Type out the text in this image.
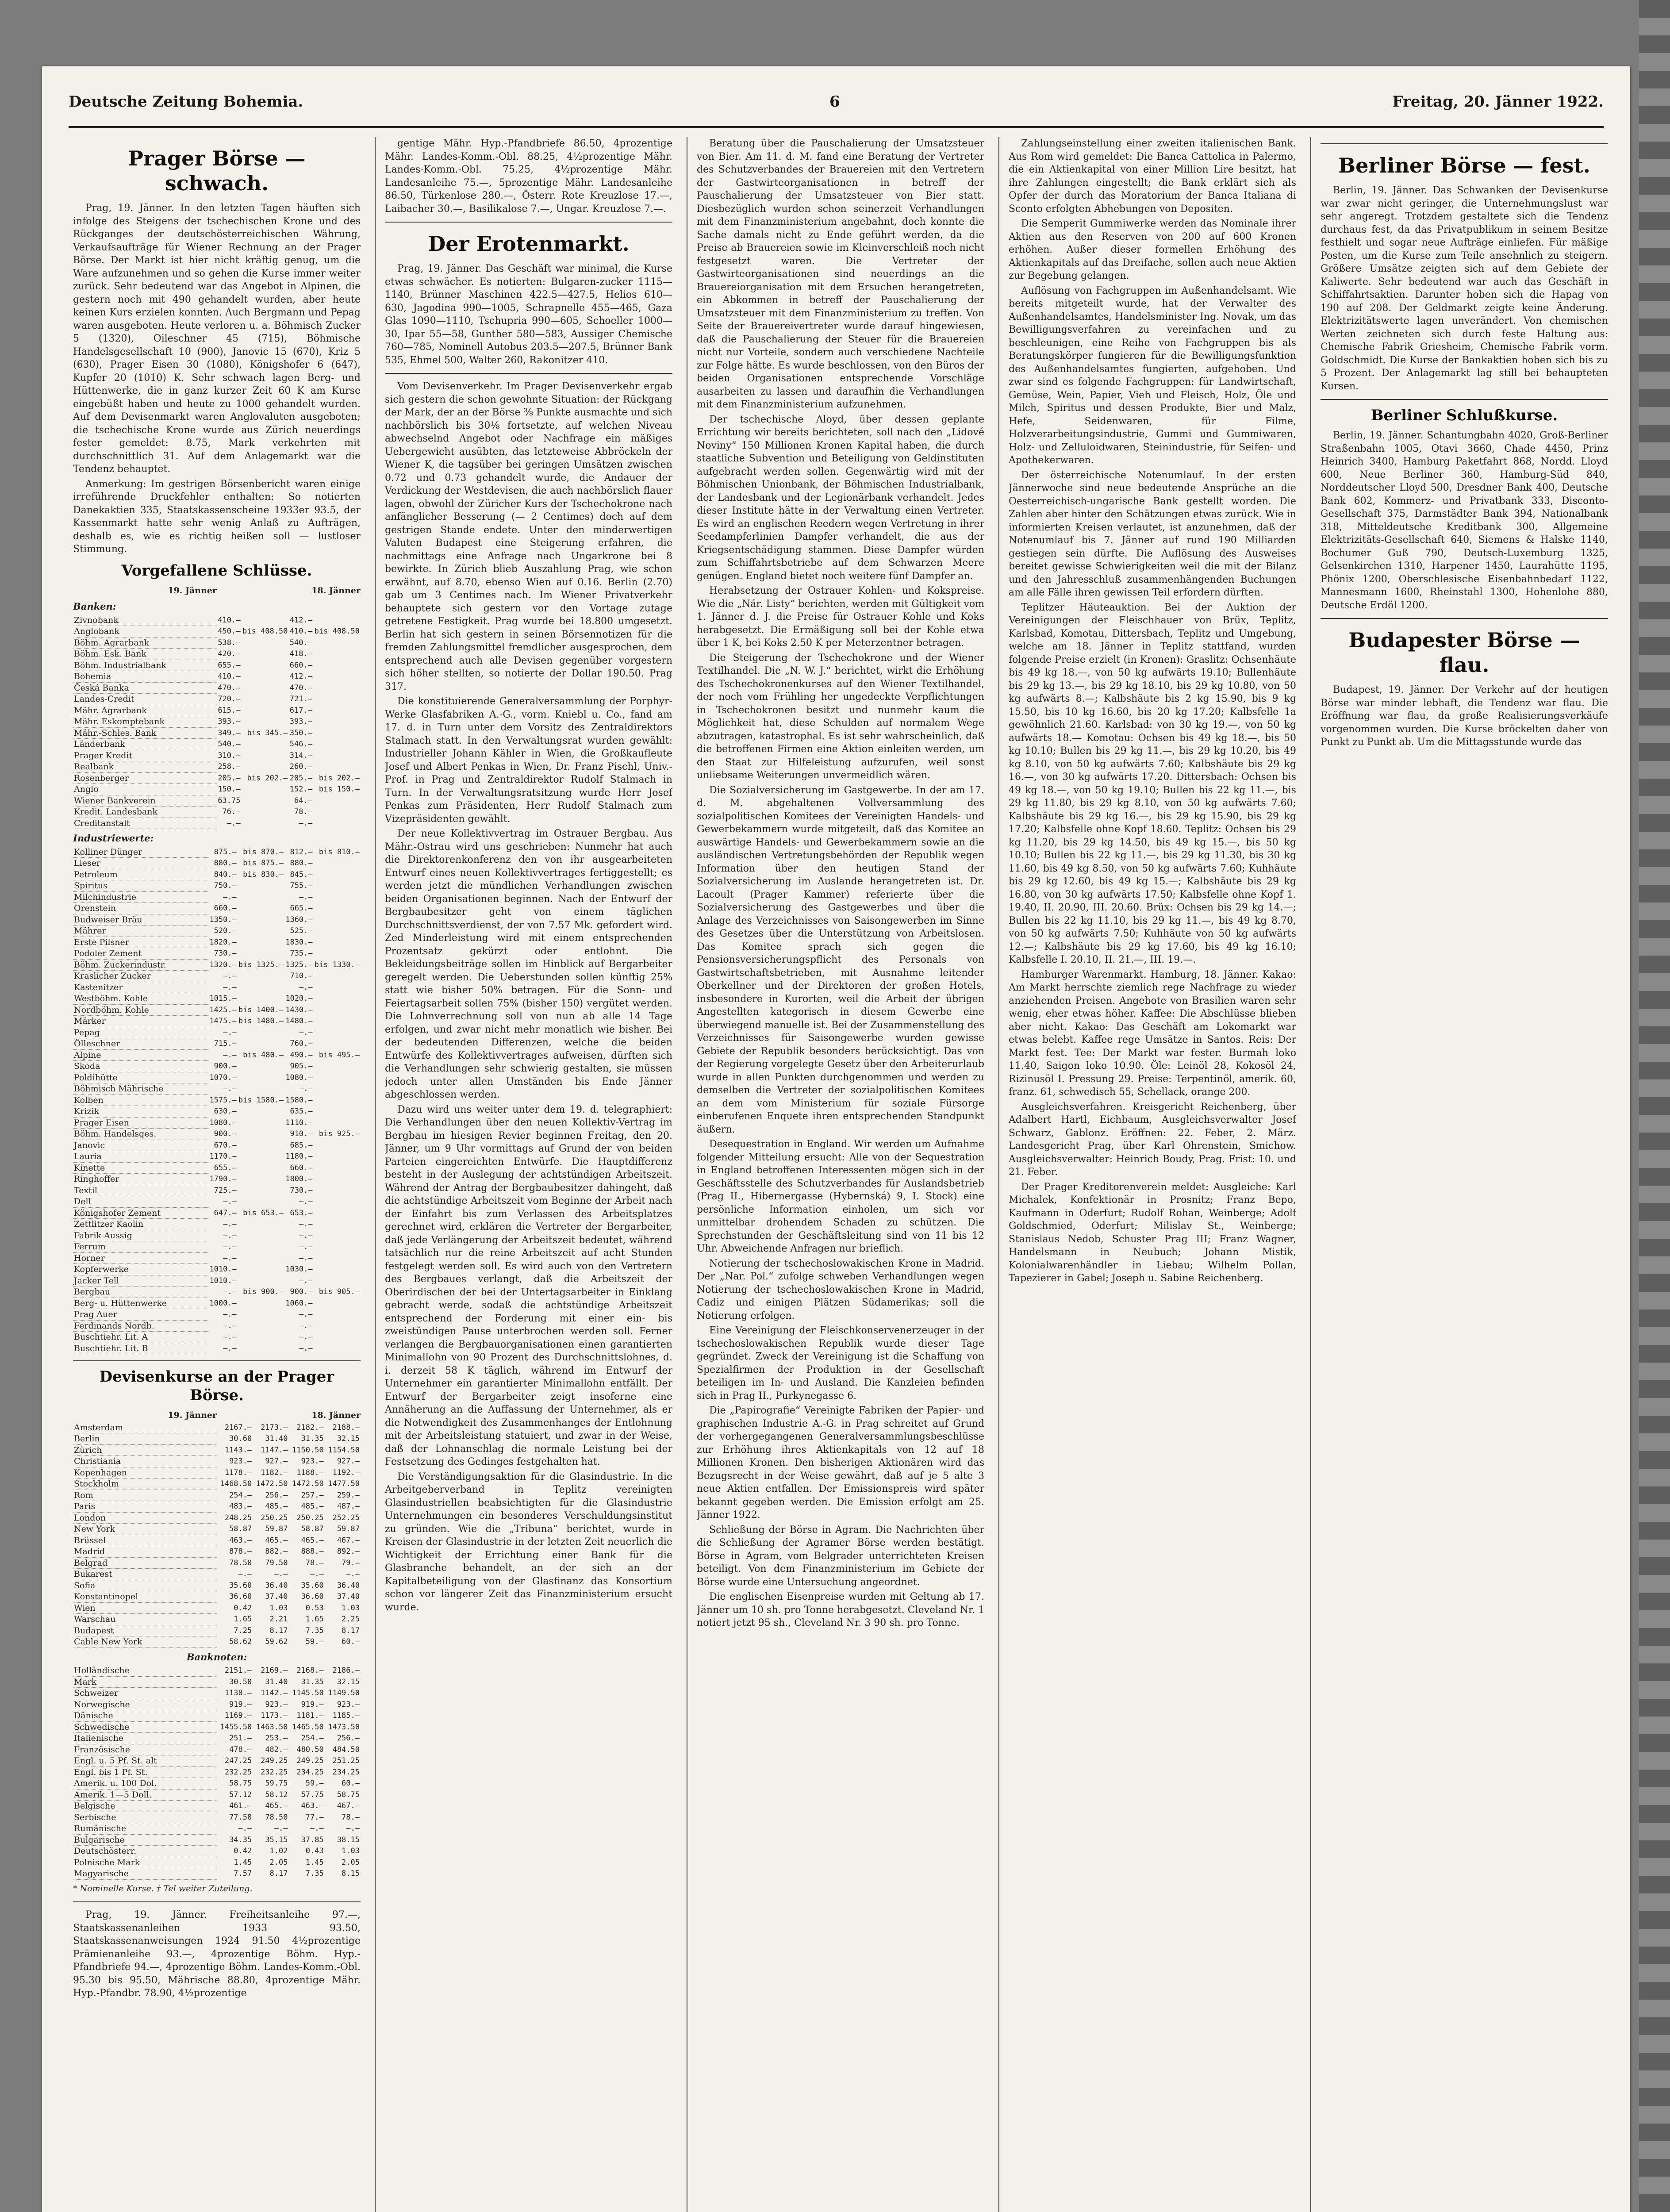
Deutsche Zeitung Bohemia.	6	Freitag, 20. Jänner 1922.
Prager Börse — schwach.

Prag, 19. Jänner. In den letzten Tagen häuften sich infolge des Steigens der tschechischen Krone und des Rückganges der deutschösterreichischen Währung, Verkaufsaufträge für Wiener Rechnung an der Prager Börse. Der Markt ist hier nicht kräftig genug, um die Ware aufzunehmen und so gehen die Kurse immer weiter zurück. Sehr bedeutend war das Angebot in Alpinen, die gestern noch mit 490 gehandelt wurden, aber heute keinen Kurs erzielen konnten. Auch Bergmann und Pepag waren ausgeboten. Heute verloren u. a. Böhmisch Zucker 5 (1320), Oileschner 45 (715), Böhmische Handelsgesellschaft 10 (900), Janovic 15 (670), Kriz 5 (630), Prager Eisen 30 (1080), Königshofer 6 (647), Kupfer 20 (1010) K. Sehr schwach lagen Berg- und Hüttenwerke, die in ganz kurzer Zeit 60 K am Kurse eingebüßt haben und heute zu 1000 gehandelt wurden. Auf dem Devisenmarkt waren Anglovaluten ausgeboten; die tschechische Krone wurde aus Zürich neuerdings fester gemeldet: 8.75, Mark verkehrten mit durchschnittlich 31. Auf dem Anlagemarkt war die Tendenz behauptet.

Anmerkung: Im gestrigen Börsenbericht waren einige irreführende Druckfehler enthalten: So notierten Danekaktien 335, Staatskassenscheine 1933er 93.5, der Kassenmarkt hatte sehr wenig Anlaß zu Aufträgen, deshalb es, wie es richtig heißen soll — lustloser Stimmung.

Vorgefallene Schlüsse.
19. Jänner	18. Jänner
Banken:
Zivnobank	410.—		412.—	
Anglobank	450.—	bis 408.50	410.—	bis 408.50
Böhm. Agrarbank	538.—		540.—	
Böhm. Esk. Bank	420.—		418.—	
Böhm. Industrialbank	655.—		660.—	
Bohemia	410.—		412.—	
Česká Banka	470.—		470.—	
Landes-Credit	720.—		721.—	
Mähr. Agrarbank	615.—		617.—	
Mähr. Eskomptebank	393.—		393.—	
Mähr.-Schles. Bank	349.—	bis 345.—	350.—	
Länderbank	540.—		546.—	
Prager Kredit	310.—		314.—	
Realbank	258.—		260.—	
Rosenberger	205.—	bis 202.—	205.—	bis 202.—
Anglo	150.—		152.—	bis 150.—
Wiener Bankverein	63.75		64.—	
Kredit. Landesbank	76.—		78.—	
Creditanstalt	—.—		—.—	
Industriewerte:
Kolliner Dünger	875.—	bis 870.—	812.—	bis 810.—
Lieser	880.—	bis 875.—	880.—	
Petroleum	840.—	bis 830.—	845.—	
Spiritus	750.—		755.—	
Milchindustrie	—.—		—.—	
Orenstein	660.—		665.—	
Budweiser Bräu	1350.—		1360.—	
Mährer	520.—		525.—	
Erste Pilsner	1820.—		1830.—	
Podoler Zement	730.—		735.—	
Böhm. Zuckerindustr.	1320.—	bis 1325.—	1325.—	bis 1330.—
Kraslicher Zucker	—.—		710.—	
Kastenitzer	—.—		—.—	
Westböhm. Kohle	1015.—		1020.—	
Nordböhm. Kohle	1425.—	bis 1400.—	1430.—	
Märker	1475.—	bis 1480.—	1480.—	
Pepag	—.—		—.—	
Ölleschner	715.—		760.—	
Alpine	—.—	bis 480.—	490.—	bis 495.—
Skoda	900.—		905.—	
Poldihütte	1070.—		1080.—	
Böhmisch Mährische	—.—		—.—	
Kolben	1575.—	bis 1580.—	1580.—	
Krizik	630.—		635.—	
Prager Eisen	1080.—		1110.—	
Böhm. Handelsges.	900.—		910.—	bis 925.—
Janovic	670.—		685.—	
Lauria	1170.—		1180.—	
Kinette	655.—		660.—	
Ringhoffer	1790.—		1800.—	
Textil	725.—		730.—	
Dell	—.—		—.—	
Königshofer Zement	647.—	bis 653.—	653.—	
Zettlitzer Kaolin	—.—		—.—	
Fabrik Aussig	—.—		—.—	
Ferrum	—.—		—.—	
Horner	—.—		—.—	
Kopferwerke	1010.—		1030.—	
Jacker Tell	1010.—		—.—	
Bergbau	—.—	bis 900.—	900.—	bis 905.—
Berg- u. Hüttenwerke	1000.—		1060.—	
Prag Auer	—.—		—.—	
Ferdinands Nordb.	—.—		—.—	
Buschtiehr. Lit. A	—.—		—.—	
Buschtiehr. Lit. B	—.—		—.—	
Devisenkurse an der Prager Börse.
19. Jänner	18. Jänner
Amsterdam	2167.—	2173.—	2182.—	2188.—
Berlin	30.60	31.40	31.35	32.15
Zürich	1143.—	1147.—	1150.50	1154.50
Christiania	923.—	927.—	923.—	927.—
Kopenhagen	1178.—	1182.—	1188.—	1192.—
Stockholm	1468.50	1472.50	1472.50	1477.50
Rom	254.—	256.—	257.—	259.—
Paris	483.—	485.—	485.—	487.—
London	248.25	250.25	250.25	252.25
New York	58.87	59.87	58.87	59.87
Brüssel	463.—	465.—	465.—	467.—
Madrid	878.—	882.—	888.—	892.—
Belgrad	78.50	79.50	78.—	79.—
Bukarest	—.—	—.—	—.—	—.—
Sofia	35.60	36.40	35.60	36.40
Konstantinopel	36.60	37.40	36.60	37.40
Wien	0.42	1.03	0.53	1.03
Warschau	1.65	2.21	1.65	2.25
Budapest	7.25	8.17	7.35	8.17
Cable New York	58.62	59.62	59.—	60.—
Banknoten:
Holländische	2151.—	2169.—	2168.—	2186.—
Mark	30.50	31.40	31.35	32.15
Schweizer	1138.—	1142.—	1145.50	1149.50
Norwegische	919.—	923.—	919.—	923.—
Dänische	1169.—	1173.—	1181.—	1185.—
Schwedische	1455.50	1463.50	1465.50	1473.50
Italienische	251.—	253.—	254.—	256.—
Französische	478.—	482.—	480.50	484.50
Engl. u. 5 Pf. St. alt	247.25	249.25	249.25	251.25
Engl. bis 1 Pf. St.	232.25	232.25	234.25	234.25
Amerik. u. 100 Dol.	58.75	59.75	59.—	60.—
Amerik. 1—5 Doll.	57.12	58.12	57.75	58.75
Belgische	461.—	465.—	463.—	467.—
Serbische	77.50	78.50	77.—	78.—
Rumänische	—.—	—.—	—.—	—.—
Bulgarische	34.35	35.15	37.85	38.15
Deutschösterr.	0.42	1.02	0.43	1.03
Polnische Mark	1.45	2.05	1.45	2.05
Magyarische	7.57	8.17	7.35	8.15
* Nominelle Kurse. † Tel weiter Zuteilung.

Prag, 19. Jänner. Freiheitsanleihe 97.—, Staatskassenanleihen 1933 93.50, Staatskassenanweisungen 1924 91.50 4½prozentige Prämienanleihe 93.—, 4prozentige Böhm. Hyp.-Pfandbriefe 94.—, 4prozentige Böhm. Landes-Komm.-Obl. 95.30 bis 95.50, Mährische 88.80, 4prozentige Mähr. Hyp.-Pfandbr. 78.90, 4½prozentige

gentige Mähr. Hyp.-Pfandbriefe 86.50, 4prozentige Mähr. Landes-Komm.-Obl. 88.25, 4½prozentige Mähr. Landes-Komm.-Obl. 75.25, 4½prozentige Mähr. Landesanleihe 75.—, 5prozentige Mähr. Landesanleihe 86.50, Türkenlose 280.—, Österr. Rote Kreuzlose 17.—, Laibacher 30.—, Basilikalose 7.—, Ungar. Kreuzlose 7.—.

Der Erotenmarkt.

Prag, 19. Jänner. Das Geschäft war minimal, die Kurse etwas schwächer. Es notierten: Bulgaren-zucker 1115—1140, Brünner Maschinen 422.5—427.5, Helios 610—630, Jagodina 990—1005, Schrapnelle 455—465, Gaza Glas 1090—1110, Tschupria 990—605, Schoeller 1000—30, Ipar 55—58, Gunther 580—583, Aussiger Chemische 760—785, Nominell Autobus 203.5—207.5, Brünner Bank 535, Ehmel 500, Walter 260, Rakonitzer 410.

Vom Devisenverkehr. Im Prager Devisenverkehr ergab sich gestern die schon gewohnte Situation: der Rückgang der Mark, der an der Börse ⅜ Punkte ausmachte und sich nachbörslich bis 30⅛ fortsetzte, auf welchen Niveau abwechselnd Angebot oder Nachfrage ein mäßiges Uebergewicht ausübten, das letzteweise Abbröckeln der Wiener K, die tagsüber bei geringen Umsätzen zwischen 0.72 und 0.73 gehandelt wurde, die Andauer der Verdickung der Westdevisen, die auch nachbörslich flauer lagen, obwohl der Züricher Kurs der Tschechokrone nach anfänglicher Besserung (— 2 Centimes) doch auf dem gestrigen Stande endete. Unter den minderwertigen Valuten Budapest eine Steigerung erfahren, die nachmittags eine Anfrage nach Ungarkrone bei 8 bewirkte. In Zürich blieb Auszahlung Prag, wie schon erwähnt, auf 8.70, ebenso Wien auf 0.16. Berlin (2.70) gab um 3 Centimes nach. Im Wiener Privatverkehr behauptete sich gestern vor den Vortage zutage getretene Festigkeit. Prag wurde bei 18.800 umgesetzt. Berlin hat sich gestern in seinen Börsennotizen für die fremden Zahlungsmittel fremdlicher ausgesprochen, dem entsprechend auch alle Devisen gegenüber vorgestern sich höher stellten, so notierte der Dollar 190.50. Prag 317.

Die konstituierende Generalversammlung der Porphyr-Werke Glasfabriken A.-G., vorm. Kniebl u. Co., fand am 17. d. in Turn unter dem Vorsitz des Zentraldirektors Stalmach statt. In den Verwaltungsrat wurden gewählt: Industrieller Johann Kähler in Wien, die Großkaufleute Josef und Albert Penkas in Wien, Dr. Franz Pischl, Univ.-Prof. in Prag und Zentraldirektor Rudolf Stalmach in Turn. In der Verwaltungsratsitzung wurde Herr Josef Penkas zum Präsidenten, Herr Rudolf Stalmach zum Vizepräsidenten gewählt.

Der neue Kollektivvertrag im Ostrauer Bergbau. Aus Mähr.-Ostrau wird uns geschrieben: Nunmehr hat auch die Direktorenkonferenz den von ihr ausgearbeiteten Entwurf eines neuen Kollektivvertrages fertiggestellt; es werden jetzt die mündlichen Verhandlungen zwischen beiden Organisationen beginnen. Nach der Entwurf der Bergbaubesitzer geht von einem täglichen Durchschnittsverdienst, der von 7.57 Mk. gefordert wird. Zed Minderleistung wird mit einem entsprechenden Prozentsatz gekürzt oder entlohnt. Die Bekleidungsbeiträge sollen im Hinblick auf Bergarbeiter geregelt werden. Die Ueberstunden sollen künftig 25% statt wie bisher 50% betragen. Für die Sonn- und Feiertagsarbeit sollen 75% (bisher 150) vergütet werden. Die Lohnverrechnung soll von nun ab alle 14 Tage erfolgen, und zwar nicht mehr monatlich wie bisher. Bei der bedeutenden Differenzen, welche die beiden Entwürfe des Kollektivvertrages aufweisen, dürften sich die Verhandlungen sehr schwierig gestalten, sie müssen jedoch unter allen Umständen bis Ende Jänner abgeschlossen werden.

Dazu wird uns weiter unter dem 19. d. telegraphiert: Die Verhandlungen über den neuen Kollektiv-Vertrag im Bergbau im hiesigen Revier beginnen Freitag, den 20. Jänner, um 9 Uhr vormittags auf Grund der von beiden Parteien eingereichten Entwürfe. Die Hauptdifferenz besteht in der Auslegung der achtstündigen Arbeitszeit. Während der Antrag der Bergbaubesitzer dahingeht, daß die achtstündige Arbeitszeit vom Beginne der Arbeit nach der Einfahrt bis zum Verlassen des Arbeitsplatzes gerechnet wird, erklären die Vertreter der Bergarbeiter, daß jede Verlängerung der Arbeitszeit bedeutet, während tatsächlich nur die reine Arbeitszeit auf acht Stunden festgelegt werden soll. Es wird auch von den Vertretern des Bergbaues verlangt, daß die Arbeitszeit der Oberirdischen der bei der Untertagsarbeiter in Einklang gebracht werde, sodaß die achtstündige Arbeitszeit entsprechend der Forderung mit einer ein- bis zweistündigen Pause unterbrochen werden soll. Ferner verlangen die Bergbauorganisationen einen garantierten Minimallohn von 90 Prozent des Durchschnittslohnes, d. i. derzeit 58 K täglich, während im Entwurf der Unternehmer ein garantierter Minimallohn entfällt. Der Entwurf der Bergarbeiter zeigt insoferne eine Annäherung an die Auffassung der Unternehmer, als er die Notwendigkeit des Zusammenhanges der Entlohnung mit der Arbeitsleistung statuiert, und zwar in der Weise, daß der Lohnanschlag die normale Leistung bei der Festsetzung des Gedinges festgehalten hat.

Die Verständigungsaktion für die Glasindustrie. In die Arbeitgeberverband in Teplitz vereinigten Glasindustriellen beabsichtigten für die Glasindustrie Unternehmungen ein besonderes Verschuldungsinstitut zu gründen. Wie die „Tribuna“ berichtet, wurde in Kreisen der Glasindustrie in der letzten Zeit neuerlich die Wichtigkeit der Errichtung einer Bank für die Glasbranche behandelt, an der sich an der Kapitalbeteiligung von der Glasfinanz das Konsortium schon vor längerer Zeit das Finanzministerium ersucht wurde.

Beratung über die Pauschalierung der Umsatzsteuer von Bier. Am 11. d. M. fand eine Beratung der Vertreter des Schutzverbandes der Brauereien mit den Vertretern der Gastwirteorganisationen in betreff der Pauschalierung der Umsatzsteuer von Bier statt. Diesbezüglich wurden schon seinerzeit Verhandlungen mit dem Finanzministerium angebahnt, doch konnte die Sache damals nicht zu Ende geführt werden, da die Preise ab Brauereien sowie im Kleinverschleiß noch nicht festgesetzt waren. Die Vertreter der Gastwirteorganisationen sind neuerdings an die Brauereiorganisation mit dem Ersuchen herangetreten, ein Abkommen in betreff der Pauschalierung der Umsatzsteuer mit dem Finanzministerium zu treffen. Von Seite der Brauereivertreter wurde darauf hingewiesen, daß die Pauschalierung der Steuer für die Brauereien nicht nur Vorteile, sondern auch verschiedene Nachteile zur Folge hätte. Es wurde beschlossen, von den Büros der beiden Organisationen entsprechende Vorschläge ausarbeiten zu lassen und daraufhin die Verhandlungen mit dem Finanzministerium aufzunehmen.

Der tschechische Aloyd, über dessen geplante Errichtung wir bereits berichteten, soll nach den „Lidové Noviny“ 150 Millionen Kronen Kapital haben, die durch staatliche Subvention und Beteiligung von Geldinstituten aufgebracht werden sollen. Gegenwärtig wird mit der Böhmischen Unionbank, der Böhmischen Industrialbank, der Landesbank und der Legionärbank verhandelt. Jedes dieser Institute hätte in der Verwaltung einen Vertreter. Es wird an englischen Reedern wegen Vertretung in ihrer Seedampferlinien Dampfer verhandelt, die aus der Kriegsentschädigung stammen. Diese Dampfer würden zum Schiffahrtsbetriebe auf dem Schwarzen Meere genügen. England bietet noch weitere fünf Dampfer an.

Herabsetzung der Ostrauer Kohlen- und Kokspreise. Wie die „Nár. Listy“ berichten, werden mit Gültigkeit vom 1. Jänner d. J. die Preise für Ostrauer Kohle und Koks herabgesetzt. Die Ermäßigung soll bei der Kohle etwa über 1 K, bei Koks 2.50 K per Meterzentner betragen.

Die Steigerung der Tschechokrone und der Wiener Textilhandel. Die „N. W. J.“ berichtet, wirkt die Erhöhung des Tschechokronenkurses auf den Wiener Textilhandel, der noch vom Frühling her ungedeckte Verpflichtungen in Tschechokronen besitzt und nunmehr kaum die Möglichkeit hat, diese Schulden auf normalem Wege abzutragen, katastrophal. Es ist sehr wahrscheinlich, daß die betroffenen Firmen eine Aktion einleiten werden, um den Staat zur Hilfeleistung aufzurufen, weil sonst unliebsame Weiterungen unvermeidlich wären.

Die Sozialversicherung im Gastgewerbe. In der am 17. d. M. abgehaltenen Vollversammlung des sozialpolitischen Komitees der Vereinigten Handels- und Gewerbekammern wurde mitgeteilt, daß das Komitee an auswärtige Handels- und Gewerbekammern sowie an die ausländischen Vertretungsbehörden der Republik wegen Information über den heutigen Stand der Sozialversicherung im Auslande herangetreten ist. Dr. Lacoult (Prager Kammer) referierte über die Sozialversicherung des Gastgewerbes und über die Anlage des Verzeichnisses von Saisongewerben im Sinne des Gesetzes über die Unterstützung von Arbeitslosen. Das Komitee sprach sich gegen die Pensionsversicherungspflicht des Personals von Gastwirtschaftsbetrieben, mit Ausnahme leitender Oberkellner und der Direktoren der großen Hotels, insbesondere in Kurorten, weil die Arbeit der übrigen Angestellten kategorisch in diesem Gewerbe eine überwiegend manuelle ist. Bei der Zusammenstellung des Verzeichnisses für Saisongewerbe wurden gewisse Gebiete der Republik besonders berücksichtigt. Das von der Regierung vorgelegte Gesetz über den Arbeiterurlaub wurde in allen Punkten durchgenommen und werden zu demselben die Vertreter der sozialpolitischen Komitees an dem vom Ministerium für soziale Fürsorge einberufenen Enquete ihren entsprechenden Standpunkt äußern.

Desequestration in England. Wir werden um Aufnahme folgender Mitteilung ersucht: Alle von der Sequestration in England betroffenen Interessenten mögen sich in der Geschäftsstelle des Schutzverbandes für Auslandsbetrieb (Prag II., Hibernergasse (Hybernská) 9, I. Stock) eine persönliche Information einholen, um sich vor unmittelbar drohendem Schaden zu schützen. Die Sprechstunden der Geschäftsleitung sind von 11 bis 12 Uhr. Abweichende Anfragen nur brieflich.

Notierung der tschechoslowakischen Krone in Madrid. Der „Nar. Pol.“ zufolge schweben Verhandlungen wegen Notierung der tschechoslowakischen Krone in Madrid, Cadiz und einigen Plätzen Südamerikas; soll die Notierung erfolgen.

Eine Vereinigung der Fleischkonservenerzeuger in der tschechoslowakischen Republik wurde dieser Tage gegründet. Zweck der Vereinigung ist die Schaffung von Spezialfirmen der Produktion in der Gesellschaft beteiligen im In- und Ausland. Die Kanzleien befinden sich in Prag II., Purkynegasse 6.

Die „Papirografie“ Vereinigte Fabriken der Papier- und graphischen Industrie A.-G. in Prag schreitet auf Grund der vorhergegangenen Generalversammlungsbeschlüsse zur Erhöhung ihres Aktienkapitals von 12 auf 18 Millionen Kronen. Den bisherigen Aktionären wird das Bezugsrecht in der Weise gewährt, daß auf je 5 alte 3 neue Aktien entfallen. Der Emissionspreis wird später bekannt gegeben werden. Die Emission erfolgt am 25. Jänner 1922.

Schließung der Börse in Agram. Die Nachrichten über die Schließung der Agramer Börse werden bestätigt. Börse in Agram, vom Belgrader unterrichteten Kreisen beteiligt. Von dem Finanzministerium im Gebiete der Börse wurde eine Untersuchung angeordnet.

Die englischen Eisenpreise wurden mit Geltung ab 17. Jänner um 10 sh. pro Tonne herabgesetzt. Cleveland Nr. 1 notiert jetzt 95 sh., Cleveland Nr. 3 90 sh. pro Tonne.

Zahlungseinstellung einer zweiten italienischen Bank. Aus Rom wird gemeldet: Die Banca Cattolica in Palermo, die ein Aktienkapital von einer Million Lire besitzt, hat ihre Zahlungen eingestellt; die Bank erklärt sich als Opfer der durch das Moratorium der Banca Italiana di Sconto erfolgten Abhebungen von Depositen.

Die Semperit Gummiwerke werden das Nominale ihrer Aktien aus den Reserven von 200 auf 600 Kronen erhöhen. Außer dieser formellen Erhöhung des Aktienkapitals auf das Dreifache, sollen auch neue Aktien zur Begebung gelangen.

Auflösung von Fachgruppen im Außenhandelsamt. Wie bereits mitgeteilt wurde, hat der Verwalter des Außenhandelsamtes, Handelsminister Ing. Novak, um das Bewilligungsverfahren zu vereinfachen und zu beschleunigen, eine Reihe von Fachgruppen bis als Beratungskörper fungieren für die Bewilligungsfunktion des Außenhandelsamtes fungierten, aufgehoben. Und zwar sind es folgende Fachgruppen: für Landwirtschaft, Gemüse, Wein, Papier, Vieh und Fleisch, Holz, Öle und Milch, Spiritus und dessen Produkte, Bier und Malz, Hefe, Seidenwaren, für Filme, Holzverarbeitungsindustrie, Gummi und Gummiwaren, Holz- und Zelluloidwaren, Steinindustrie, für Seifen- und Apothekerwaren.

Der österreichische Notenumlauf. In der ersten Jännerwoche sind neue bedeutende Ansprüche an die Oesterreichisch-ungarische Bank gestellt worden. Die Zahlen aber hinter den Schätzungen etwas zurück. Wie in informierten Kreisen verlautet, ist anzunehmen, daß der Notenumlauf bis 7. Jänner auf rund 190 Milliarden gestiegen sein dürfte. Die Auflösung des Ausweises bereitet gewisse Schwierigkeiten weil die mit der Bilanz und den Jahresschluß zusammenhängenden Buchungen am alle Fälle ihren gewissen Teil erfordern dürften.

Teplitzer Häuteauktion. Bei der Auktion der Vereinigungen der Fleischhauer von Brüx, Teplitz, Karlsbad, Komotau, Dittersbach, Teplitz und Umgebung, welche am 18. Jänner in Teplitz stattfand, wurden folgende Preise erzielt (in Kronen): Graslitz: Ochsenhäute bis 49 kg 18.—, von 50 kg aufwärts 19.10; Bullenhäute bis 29 kg 13.—, bis 29 kg 18.10, bis 29 kg 10.80, von 50 kg aufwärts 8.—; Kalbshäute bis 2 kg 15.90, bis 9 kg 15.50, bis 10 kg 16.60, bis 20 kg 17.20; Kalbsfelle 1a gewöhnlich 21.60. Karlsbad: von 30 kg 19.—, von 50 kg aufwärts 18.— Komotau: Ochsen bis 49 kg 18.—, bis 50 kg 10.10; Bullen bis 29 kg 11.—, bis 29 kg 10.20, bis 49 kg 8.10, von 50 kg aufwärts 7.60; Kalbshäute bis 29 kg 16.—, von 30 kg aufwärts 17.20. Dittersbach: Ochsen bis 49 kg 18.—, von 50 kg 19.10; Bullen bis 22 kg 11.—, bis 29 kg 11.80, bis 29 kg 8.10, von 50 kg aufwärts 7.60; Kalbshäute bis 29 kg 16.—, bis 29 kg 15.90, bis 29 kg 17.20; Kalbsfelle ohne Kopf 18.60. Teplitz: Ochsen bis 29 kg 11.20, bis 29 kg 14.50, bis 49 kg 15.—, bis 50 kg 10.10; Bullen bis 22 kg 11.—, bis 29 kg 11.30, bis 30 kg 11.60, bis 49 kg 8.50, von 50 kg aufwärts 7.60; Kuhhäute bis 29 kg 12.60, bis 49 kg 15.—; Kalbshäute bis 29 kg 16.80, von 30 kg aufwärts 17.50; Kalbsfelle ohne Kopf 1. 19.40, II. 20.90, III. 20.60. Brüx: Ochsen bis 29 kg 14.—; Bullen bis 22 kg 11.10, bis 29 kg 11.—, bis 49 kg 8.70, von 50 kg aufwärts 7.50; Kuhhäute von 50 kg aufwärts 12.—; Kalbshäute bis 29 kg 17.60, bis 49 kg 16.10; Kalbsfelle I. 20.10, II. 21.—, III. 19.—.

Hamburger Warenmarkt. Hamburg, 18. Jänner. Kakao: Am Markt herrschte ziemlich rege Nachfrage zu wieder anziehenden Preisen. Angebote von Brasilien waren sehr wenig, eher etwas höher. Kaffee: Die Abschlüsse blieben aber nicht. Kakao: Das Geschäft am Lokomarkt war etwas belebt. Kaffee rege Umsätze in Santos. Reis: Der Markt fest. Tee: Der Markt war fester. Burmah loko 11.40, Saigon loko 10.90. Öle: Leinöl 28, Kokosöl 24, Rizinusöl I. Pressung 29. Preise: Terpentinöl, amerik. 60, franz. 61, schwedisch 55, Schellack, orange 200.

Ausgleichsverfahren. Kreisgericht Reichenberg, über Adalbert Hartl, Eichbaum, Ausgleichsverwalter Josef Schwarz, Gablonz. Eröffnen: 22. Feber, 2. März. Landesgericht Prag, über Karl Ohrenstein, Smichow. Ausgleichsverwalter: Heinrich Boudy, Prag. Frist: 10. und 21. Feber.

Der Prager Kreditorenverein meldet: Ausgleiche: Karl Michalek, Konfektionär in Prosnitz; Franz Bepo, Kaufmann in Oderfurt; Rudolf Rohan, Weinberge; Adolf Goldschmied, Oderfurt; Milislav St., Weinberge; Stanislaus Nedob, Schuster Prag III; Franz Wagner, Handelsmann in Neubuch; Johann Mistik, Kolonialwarenhändler in Liebau; Wilhelm Pollan, Tapezierer in Gabel; Joseph u. Sabine Reichenberg.

Berliner Börse — fest.

Berlin, 19. Jänner. Das Schwanken der Devisenkurse war zwar nicht geringer, die Unternehmungslust war sehr angeregt. Trotzdem gestaltete sich die Tendenz durchaus fest, da das Privatpublikum in seinem Besitze festhielt und sogar neue Aufträge einliefen. Für mäßige Posten, um die Kurse zum Teile ansehnlich zu steigern. Größere Umsätze zeigten sich auf dem Gebiete der Kaliwerte. Sehr bedeutend war auch das Geschäft in Schiffahrtsaktien. Darunter hoben sich die Hapag von 190 auf 208. Der Geldmarkt zeigte keine Änderung. Elektrizitätswerte lagen unverändert. Von chemischen Werten zeichneten sich durch feste Haltung aus: Chemische Fabrik Griesheim, Chemische Fabrik vorm. Goldschmidt. Die Kurse der Bankaktien hoben sich bis zu 5 Prozent. Der Anlagemarkt lag still bei behaupteten Kursen.

Berliner Schlußkurse.

Berlin, 19. Jänner. Schantungbahn 4020, Groß-Berliner Straßenbahn 1005, Otavi 3660, Chade 4450, Prinz Heinrich 3400, Hamburg Paketfahrt 868, Nordd. Lloyd 600, Neue Berliner 360, Hamburg-Süd 840, Norddeutscher Lloyd 500, Dresdner Bank 400, Deutsche Bank 602, Kommerz- und Privatbank 333, Disconto-Gesellschaft 375, Darmstädter Bank 394, Nationalbank 318, Mitteldeutsche Kreditbank 300, Allgemeine Elektrizitäts-Gesellschaft 640, Siemens & Halske 1140, Bochumer Guß 790, Deutsch-Luxemburg 1325, Gelsenkirchen 1310, Harpener 1450, Laurahütte 1195, Phönix 1200, Oberschlesische Eisenbahnbedarf 1122, Mannesmann 1600, Rheinstahl 1300, Hohenlohe 880, Deutsche Erdöl 1200.

Budapester Börse — flau.

Budapest, 19. Jänner. Der Verkehr auf der heutigen Börse war minder lebhaft, die Tendenz war flau. Die Eröffnung war flau, da große Realisierungsverkäufe vorgenommen wurden. Die Kurse bröckelten daher von Punkt zu Punkt ab. Um die Mittagsstunde wurde das
